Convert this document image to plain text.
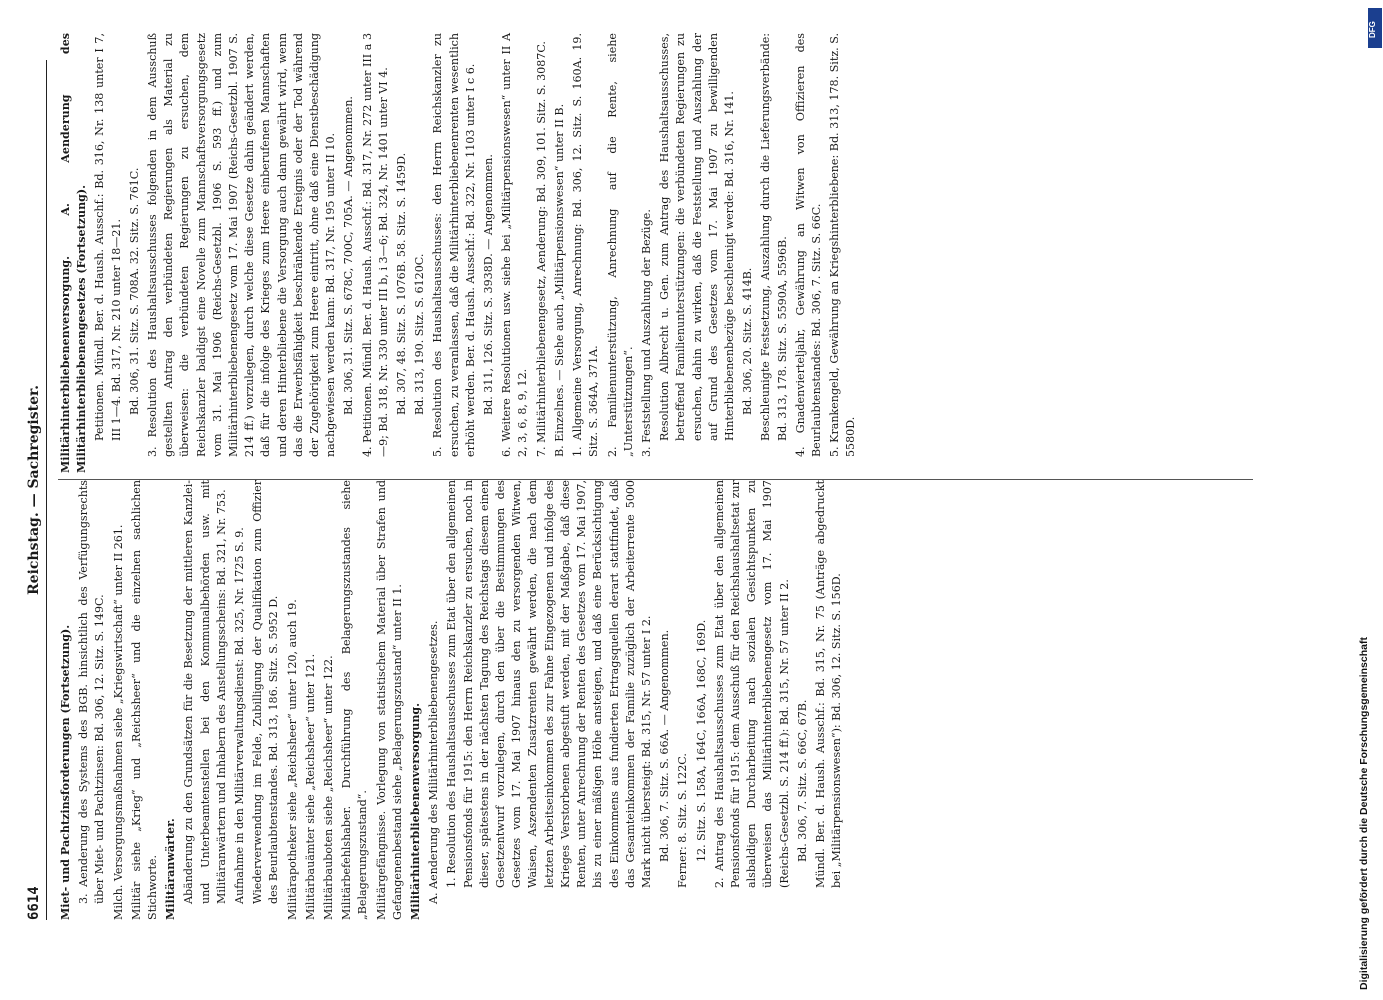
6614
Reichstag. — Sachregister.

Miet- und Pachtzinsforderungen (Fortsetzung). 3. Aenderung des Systems des BGB. hinsichtlich des Verfügungsrechts über Miet- und Pachtzinsen: Bd. 306, 12. Sitz. S. 149C. Milch. Versorgungsmaßnahmen siehe „Kriegswirtschaft“ unter II 261. Militär siehe „Krieg“ und „Reichsheer“ und die einzelnen sachlichen Stichworte. Militäranwärter. Abänderung zu den Grundsätzen für die Besetzung der mittleren Kanzlei- und Unterbeamtenstellen bei den Kommunalbehörden usw. mit Militäranwärtern und Inhabern des Anstellungsscheins: Bd. 321, Nr. 753. Aufnahme in den Militärverwaltungsdienst: Bd. 325, Nr. 1725 S. 9. Wiederverwendung im Felde, Zubilligung der Qualifikation zum Offizier des Beurlaubtenstandes. Bd. 313, 186. Sitz. S. 5952 D. Militärapotheker siehe „Reichsheer“ unter 120, auch 19. Militärbauämter siehe „Reichsheer“ unter 121. Militärbauboten siehe „Reichsheer“ unter 122. Militärbefehlshaber. Durchführung des Belagerungszustandes siehe „Belagerungszustand“. Militärgefängnisse. Vorlegung von statistischem Material über Strafen und Gefangenenbestand siehe „Belagerungszustand“ unter II 1. Militärhinterbliebenenversorgung. A. Aenderung des Militärhinterbliebenengesetzes. 1. Resolution des Haushaltsausschusses zum Etat über den allgemeinen Pensionsfonds für 1915: den Herrn Reichskanzler zu ersuchen, noch in dieser, spätestens in der nächsten Tagung des Reichstags diesem einen Gesetzentwurf vorzulegen, durch den über die Bestimmungen des Gesetzes vom 17. Mai 1907 hinaus den zu versorgenden Witwen, Waisen, Aszendenten Zusatzrenten gewährt werden, die nach dem letzten Arbeitseinkommen des zur Fahne Eingezogenen und infolge des Krieges Verstorbenen abgestuft werden, mit der Maßgabe, daß diese Renten, unter Anrechnung der Renten des Gesetzes vom 17. Mai 1907, bis zu einer mäßigen Höhe ansteigen, und daß eine Berücksichtigung des Einkommens aus fundierten Ertragsquellen derart stattfindet, daß das Gesamteinkommen der Familie zuzüglich der Arbeiterrente 5000 Mark nicht übersteigt: Bd. 315, Nr. 57 unter I 2. Bd. 306, 7. Sitz. S. 66A. — Angenommen. Ferner: 8. Sitz. S. 122C. 12. Sitz. S. 158A, 164C, 166A, 168C, 169D. 2. Antrag des Haushaltsausschusses zum Etat über den allgemeinen Pensionsfonds für 1915: dem Ausschuß für den Reichshaushaltsetat zur alsbaldigen Durcharbeitung nach sozialen Gesichtspunkten zu überweisen das Militärhinterbliebenengesetz vom 17. Mai 1907 (Reichs-Gesetzbl. S. 214 ff.): Bd. 315, Nr. 57 unter II 2. Bd. 306, 7. Sitz. S. 66C, 67B. Mündl. Ber. d. Haush. Ausschf.: Bd. 315, Nr. 75 (Anträge abgedruckt bei „Militärpensionswesen“): Bd. 306, 12. Sitz. S. 156D.

Militärhinterbliebenenversorgung. A. Aenderung des Militärhinterbliebenengesetzes (Fortsetzung). Petitionen. Mündl. Ber. d. Haush. Ausschf.: Bd. 316, Nr. 138 unter I 7, III 1—4. Bd. 317, Nr. 210 unter 18—21. Bd. 306, 31. Sitz. S. 708A. 32. Sitz. S. 761C. 3. Resolution des Haushaltsausschusses folgenden in dem Ausschuß gestellten Antrag den verbündeten Regierungen als Material zu überweisen: die verbündeten Regierungen zu ersuchen, dem Reichskanzler baldigst eine Novelle zum Mannschaftsversorgungsgesetz vom 31. Mai 1906 (Reichs-Gesetzbl. 1906 S. 593 ff.) und zum Militärhinterbliebenengesetz vom 17. Mai 1907 (Reichs-Gesetzbl. 1907 S. 214 ff.) vorzulegen, durch welche diese Gesetze dahin geändert werden, daß für die infolge des Krieges zum Heere einberufenen Mannschaften und deren Hinterbliebene die Versorgung auch dann gewährt wird, wenn das die Erwerbsfähigkeit beschränkende Ereignis oder der Tod während der Zugehörigkeit zum Heere eintritt, ohne daß eine Dienstbeschädigung nachgewiesen werden kann: Bd. 317, Nr. 195 unter II 10. Bd. 306, 31. Sitz. S. 678C, 700C, 705A. — Angenommen. 4. Petitionen. Mündl. Ber. d. Haush. Ausschf.: Bd. 317, Nr. 272 unter III a 3—9; Bd. 318, Nr. 330 unter III b, i 3—6; Bd. 324, Nr. 1401 unter VI 4. Bd. 307, 48. Sitz. S. 1076B. 58. Sitz. S. 1459D. Bd. 313, 190. Sitz. S. 6120C. 5. Resolution des Haushaltsausschusses: den Herrn Reichskanzler zu ersuchen, zu veranlassen, daß die Militärhinterbliebenenrenten wesentlich erhöht werden. Ber. d. Haush. Ausschf.: Bd. 322, Nr. 1103 unter I c 6. Bd. 311, 126. Sitz. S. 3938D. — Angenommen. 6. Weitere Resolutionen usw. siehe bei „Militärpensionswesen“ unter II A 2, 3, 6, 8, 9, 12. 7. Militärhinterbliebenengesetz, Aenderung: Bd. 309, 101. Sitz. S. 3087C. B. Einzelnes. — Siehe auch „Militärpensionswesen“ unter II B. 1. Allgemeine Versorgung, Anrechnung: Bd. 306, 12. Sitz. S. 160A. 19. Sitz. S. 364A, 371A. 2. Familienunterstützung, Anrechnung auf die Rente, siehe „Unterstützungen“. 3. Feststellung und Auszahlung der Bezüge. Resolution Albrecht u. Gen. zum Antrag des Haushaltsausschusses, betreffend Familienunterstützungen: die verbündeten Regierungen zu ersuchen, dahin zu wirken, daß die Feststellung und Auszahlung der auf Grund des Gesetzes vom 17. Mai 1907 zu bewilligenden Hinterbliebenenbezüge beschleunigt werde: Bd. 316, Nr. 141. Bd. 306, 20. Sitz. S. 414B. Beschleunigte Festsetzung, Auszahlung durch die Lieferungsverbände: Bd. 313, 178. Sitz. S. 5590A, 5596B. 4. Gnadenvierteljahr, Gewährung an Witwen von Offizieren des Beurlaubtenstandes: Bd. 306, 7. Sitz. S. 66C. 5. Krankengeld, Gewährung an Kriegshinterbliebene: Bd. 313, 178. Sitz. S. 5580D.

Digitalisierung gefördert durch die Deutsche Forschungsgemeinschaft
DFG
